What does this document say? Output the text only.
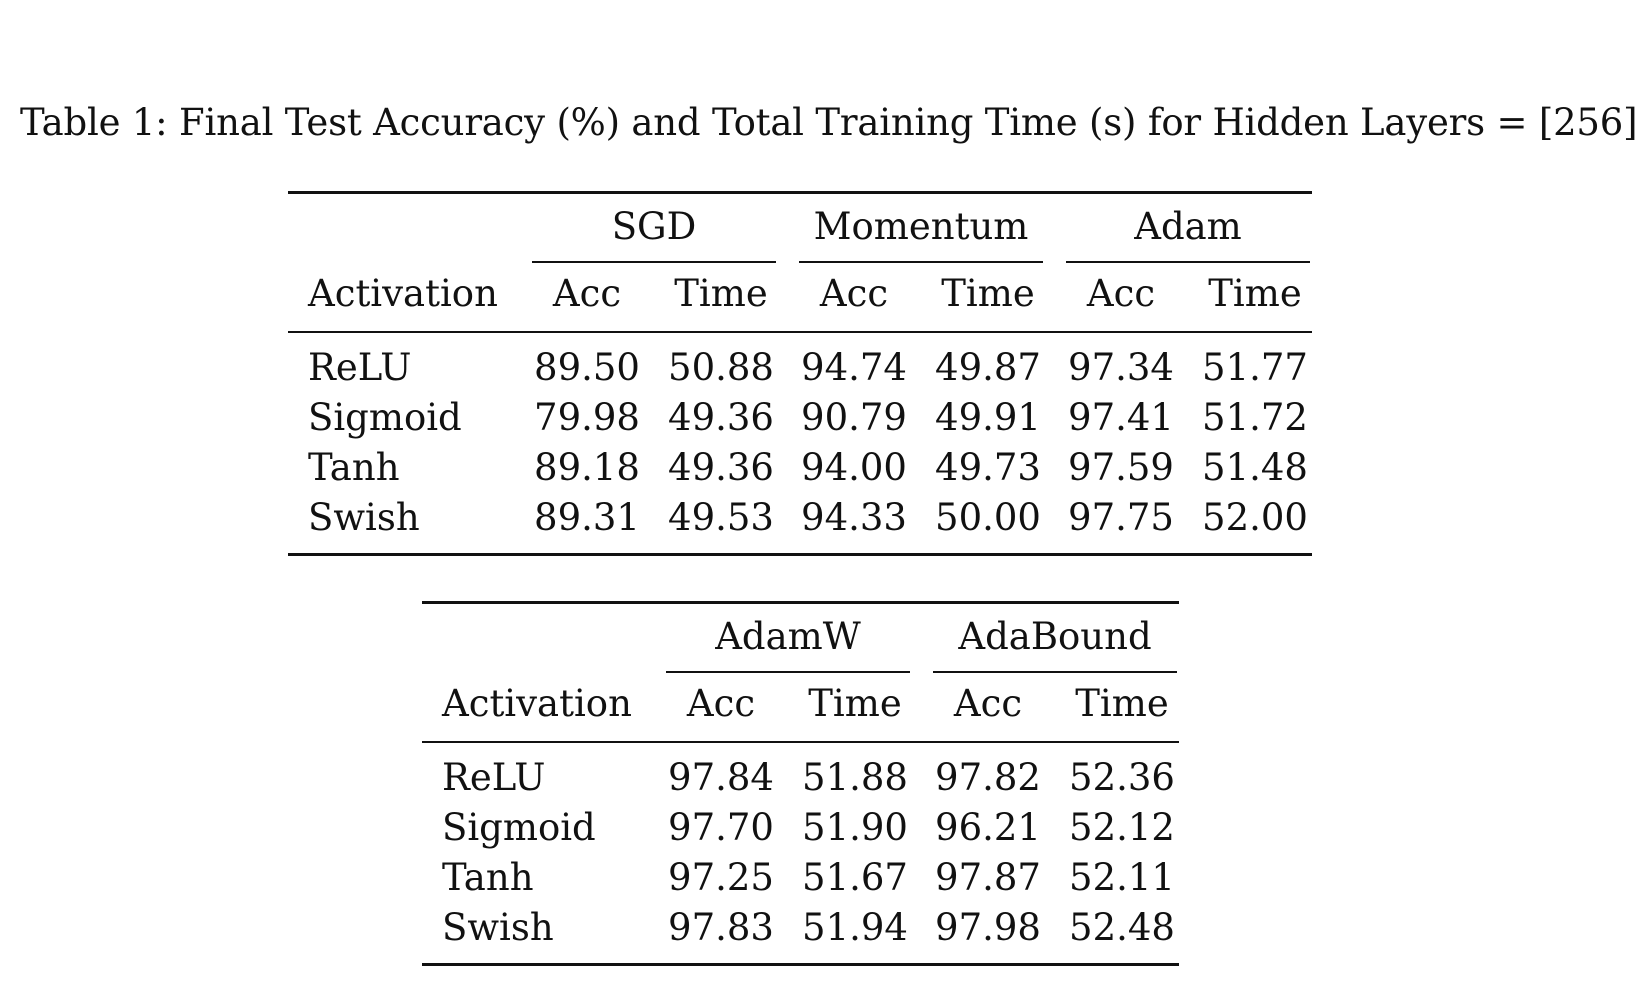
Table 1: Final Test Accuracy (%) and Total Training Time (s) for Hidden Layers = [256]
SGD	Momentum	Adam
Activation	Acc	Time	Acc	Time	Acc	Time
ReLU	89.50 50.88 94.74 49.87 97.34 51.77
Sigmoid 79.98 49.36 90.79 49.91 97.41 51.72
Tanh	89.18 49.36 94.00 49.73 97.59 51.48
Swish	89.31 49.53 94.33 50.00 97.75 52.00
AdamW	AdaBound
Activation	Acc	Time	Acc	Time
ReLU	97.84 51.88 97.82 52.36
Sigmoid 97.70 51.90 96.21 52.12
Tanh	97.25 51.67 97.87 52.11
Swish	97.83 51.94 97.98 52.48
